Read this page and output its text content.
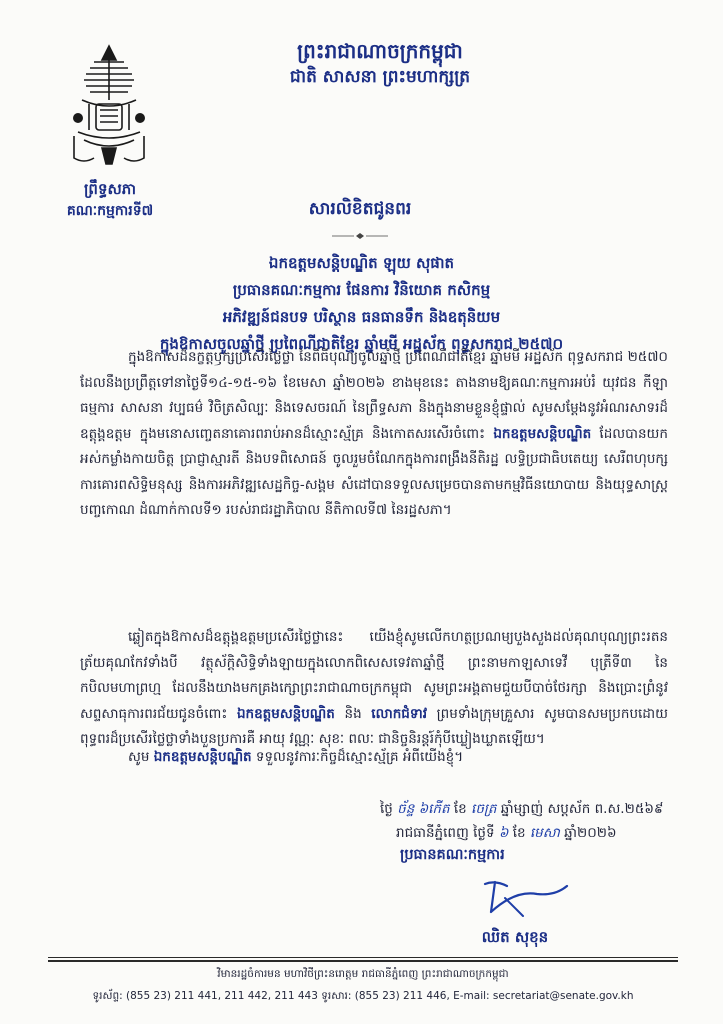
ព្រះរាជាណាចក្រកម្ពុជា
ជាតិ សាសនា ព្រះមហាក្សត្រ
ព្រឹទ្ធសភា
គណៈកម្មការទី៧	សារលិខិតជូនពរ
ឯកឧត្តមសន្តិបណ្ឌិត ឡុយ សុផាត
ប្រធានគណៈកម្មការ ផែនការ វិនិយោគ កសិកម្ម
អភិវឌ្ឍន៍ជនបទ បរិស្ថាន ធនធានទឹក និងឧតុនិយម
ក្នុងឱកាសចូលឆ្នាំថ្មី ប្រពៃណីជាតិខ្មែរ ឆ្នាំមមី អដ្ឋស័ក ពុទ្ធសករាជ ២៥៧០
ក្នុងឱកាសដ៏នក្ខត្តឫក្សប្រសើរថ្លៃថ្លា នៃពិធីបុណ្យចូលឆ្នាំថ្មី ប្រពៃណីជាតិខ្មែរ ឆ្នាំមមី អដ្ឋស័ក ពុទ្ធសករាជ ២៥៧០ ដែលនឹងប្រព្រឹត្តទៅនាថ្ងៃទី១៤-១៥-១៦ ខែមេសា ឆ្នាំ២០២៦ ខាងមុខនេះ តាងនាមឱ្យគណៈកម្មការអប់រំ យុវជន កីឡា ធម្មការ សាសនា វប្បធម៌ វិចិត្រសិល្បៈ និងទេសចរណ៍ នៃព្រឹទ្ធសភា និងក្នុងនាមខ្លួនខ្ញុំផ្ទាល់ សូមសម្តែងនូវអំណរសាទរដ៏ឧត្តុង្គឧត្តម ក្នុងមនោសញ្ចេតនាគោរពរាប់អានដ៏ស្មោះស្ម័គ្រ និងកោតសរសើរចំពោះ ឯកឧត្តមសន្តិបណ្ឌិត ដែលបានយកអស់កម្លាំងកាយចិត្ត ប្រាជ្ញាស្មារតី និងបទពិសោធន៍ ចូលរួមចំណែកក្នុងការពង្រឹងនីតិរដ្ឋ លទ្ធិប្រជាធិបតេយ្យ សេរីពហុបក្ស ការគោរពសិទ្ធិមនុស្ស និងការអភិវឌ្ឍសេដ្ឋកិច្ច-សង្គម សំដៅបានទទួលសម្រេចបានតាមកម្មវិធីនយោបាយ និងយុទ្ធសាស្ត្របញ្ចកោណ ដំណាក់កាលទី១ របស់រាជរដ្ឋាភិបាល នីតិកាលទី៧ នៃរដ្ឋសភា។
ឆ្លៀតក្នុងឱកាសដ៏ឧត្តុង្គឧត្តមប្រសើរថ្លៃថ្លានេះ យើងខ្ញុំសូមលើកហត្ថប្រណម្យបួងសួងដល់គុណបុណ្យព្រះរតនត្រ័យគុណកែវទាំងបី វត្ថុស័ក្តិសិទ្ធិទាំងឡាយក្នុងលោកពិសេសទេវតាឆ្នាំថ្មី ព្រះនាមកាឡសាទេវី បុត្រីទី៣ នៃកបិលមហាព្រហ្ម ដែលនឹងយាងមកគ្រងក្សោព្រះរាជាណាចក្រកម្ពុជា សូមព្រះអង្គតាមជួយបីបាច់ថែរក្សា និងប្រោះព្រំនូវសព្ទសាធុការពរជ័យជូនចំពោះ ឯកឧត្តមសន្តិបណ្ឌិត និង លោកជំទាវ ព្រមទាំងក្រុមគ្រួសារ សូមបានសមប្រកបដោយពុទ្ធពរដ៏ប្រសើរថ្លៃថ្លាទាំងបួនប្រការគឺ អាយុ វណ្ណៈ សុខៈ ពលៈ ជានិច្ចនិរន្តរ៍កុំបីឃ្លៀងឃ្លាតឡើយ។
សូម ឯកឧត្តមសន្តិបណ្ឌិត ទទួលនូវការៈកិច្ចដ៏ស្មោះស្ម័គ្រ អំពីយើងខ្ញុំ។
ថ្ងៃ ច័ន្ទ ៦កើត ខែ ចេត្រ ឆ្នាំម្សាញ់ សប្តស័ក ព.ស.២៥៦៩
រាជធានីភ្នំពេញ ថ្ងៃទី ៦ ខែ មេសា ឆ្នាំ២០២៦
ប្រធានគណៈកម្មការ
ឈិត សុខុន
វិមានរដ្ឋចំការមន មហាវិថីព្រះនរោត្តម រាជធានីភ្នំពេញ ព្រះរាជាណាចក្រកម្ពុជា
ទូរស័ព្ទ: (855 23) 211 441, 211 442, 211 443 ទូរសារ: (855 23) 211 446, E-mail: secretariat@senate.gov.kh
